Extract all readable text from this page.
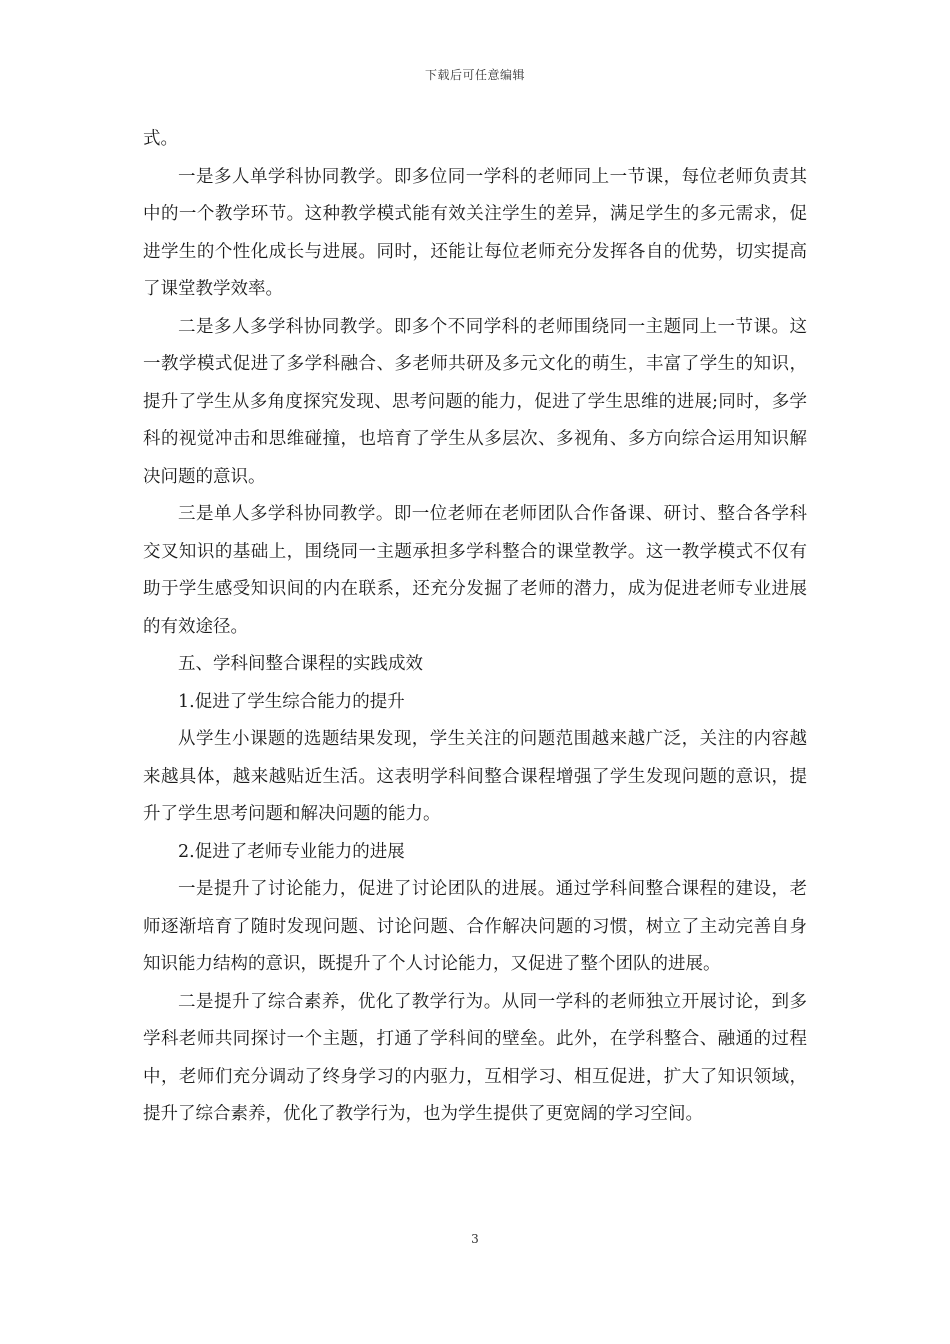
下载后可任意编辑

式。

一是多人单学科协同教学。即多位同一学科的老师同上一节课，每位老师负责其中的一个教学环节。这种教学模式能有效关注学生的差异，满足学生的多元需求，促进学生的个性化成长与进展。同时，还能让每位老师充分发挥各自的优势，切实提高了课堂教学效率。

二是多人多学科协同教学。即多个不同学科的老师围绕同一主题同上一节课。这一教学模式促进了多学科融合、多老师共研及多元文化的萌生，丰富了学生的知识，提升了学生从多角度探究发现、思考问题的能力，促进了学生思维的进展;同时，多学科的视觉冲击和思维碰撞，也培育了学生从多层次、多视角、多方向综合运用知识解决问题的意识。

三是单人多学科协同教学。即一位老师在老师团队合作备课、研讨、整合各学科交叉知识的基础上，围绕同一主题承担多学科整合的课堂教学。这一教学模式不仅有助于学生感受知识间的内在联系，还充分发掘了老师的潜力，成为促进老师专业进展的有效途径。

五、学科间整合课程的实践成效

1.促进了学生综合能力的提升

从学生小课题的选题结果发现，学生关注的问题范围越来越广泛，关注的内容越来越具体，越来越贴近生活。这表明学科间整合课程增强了学生发现问题的意识，提升了学生思考问题和解决问题的能力。

2.促进了老师专业能力的进展

一是提升了讨论能力，促进了讨论团队的进展。通过学科间整合课程的建设，老师逐渐培育了随时发现问题、讨论问题、合作解决问题的习惯，树立了主动完善自身知识能力结构的意识，既提升了个人讨论能力，又促进了整个团队的进展。

二是提升了综合素养，优化了教学行为。从同一学科的老师独立开展讨论，到多学科老师共同探讨一个主题，打通了学科间的壁垒。此外，在学科整合、融通的过程中，老师们充分调动了终身学习的内驱力，互相学习、相互促进，扩大了知识领域，提升了综合素养，优化了教学行为，也为学生提供了更宽阔的学习空间。

3
